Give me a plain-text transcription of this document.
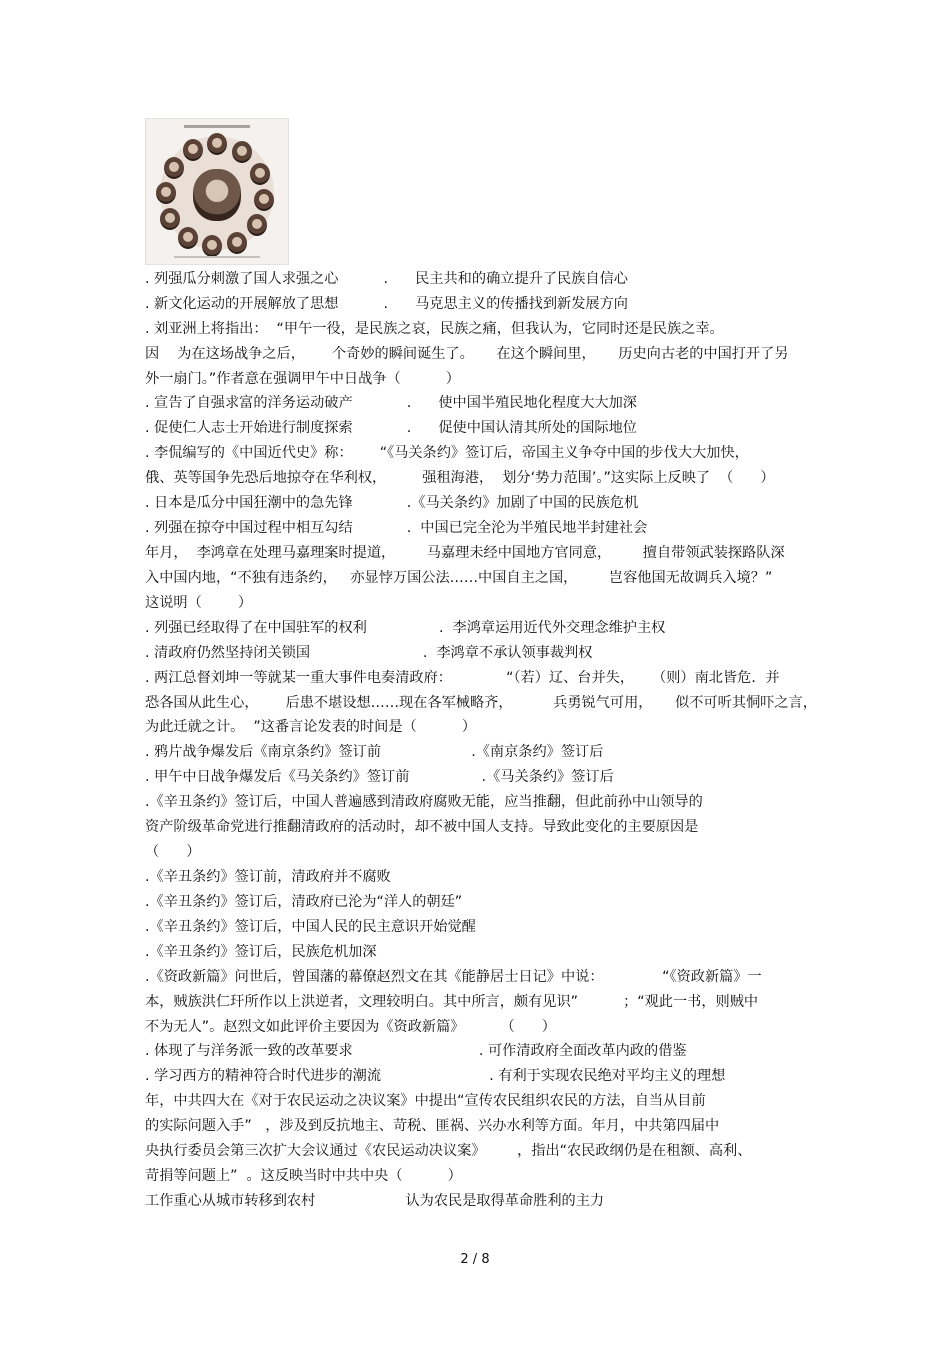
. 列强瓜分刺激了国人求强之心          .      民主共和的确立提升了民族自信心
. 新文化运动的开展解放了思想          .      马克思主义的传播找到新发展方向
. 刘亚洲上将指出：  “甲午一役，是民族之哀，民族之痛，但我认为，它同时还是民族之幸。
因    为在这场战争之后，      个奇妙的瞬间诞生了。     在这个瞬间里，     历史向古老的中国打开了另
外一扇门。”作者意在强调甲午中日战争（          ）
. 宣告了自强求富的洋务运动破产            .      使中国半殖民地化程度大大加深
. 促使仁人志士开始进行制度探索            .      促使中国认清其所处的国际地位
. 李侃编写的《中国近代史》称：      “《马关条约》签订后，帝国主义争夺中国的步伐大大加快，
俄、英等国争先恐后地掠夺在华利权，        强租海港，  划分‘势力范围’。”这实际上反映了  （      ）
. 日本是瓜分中国狂潮中的急先锋            .《马关条约》加剧了中国的民族危机
. 列强在掠夺中国过程中相互勾结            .  中国已完全沦为半殖民地半封建社会
年月，  李鸿章在处理马嘉理案时提道，       马嘉理未经中国地方官同意，       擅自带领武装探路队深
入中国内地，“不独有违条约，   亦显悖万国公法……中国自主之国，       岂容他国无故调兵入境？”
这说明（        ）
. 列强已经取得了在中国驻军的权利                .  李鸿章运用近代外交理念维护主权
. 清政府仍然坚持闭关锁国                         .  李鸿章不承认领事裁判权
. 两江总督刘坤一等就某一重大事件电奏清政府：            “（若）辽、台并失，    （则）南北皆危．并
恐各国从此生心，      后患不堪设想……现在各军械略齐，         兵勇锐气可用，     似不可听其恫吓之言，
为此迁就之计。  ”这番言论发表的时间是（          ）
. 鸦片战争爆发后《南京条约》签订前                    .《南京条约》签订后
. 甲午中日战争爆发后《马关条约》签订前                .《马关条约》签订后
.《辛丑条约》签订后，中国人普遍感到清政府腐败无能，应当推翻，但此前孙中山领导的
资产阶级革命党进行推翻清政府的活动时，却不被中国人支持。导致此变化的主要原因是
（      ）
.《辛丑条约》签订前，清政府并不腐败
.《辛丑条约》签订后，清政府已沦为“洋人的朝廷”
.《辛丑条约》签订后，中国人民的民主意识开始觉醒
.《辛丑条约》签订后，民族危机加深
.《资政新篇》问世后，曾国藩的幕僚赵烈文在其《能静居士日记》中说：             “《资政新篇》一
本，贼族洪仁玕所作以上洪逆者，文理较明白。其中所言，颇有见识”          ；“观此一书，则贼中
不为无人”。赵烈文如此评价主要因为《资政新篇》        （      ）
. 体现了与洋务派一致的改革要求                            . 可作清政府全面改革内政的借鉴
. 学习西方的精神符合时代进步的潮流                        . 有利于实现农民绝对平均主义的理想
年，中共四大在《对于农民运动之决议案》中提出“宣传农民组织农民的方法，自当从目前
的实际问题入手”   ，涉及到反抗地主、苛税、匪祸、兴办水利等方面。年月，中共第四届中
央执行委员会第三次扩大会议通过《农民运动决议案》       ，指出“农民政纲仍是在租额、高利、
苛捐等问题上”  。这反映当时中共中央（          ）
工作重心从城市转移到农村                    认为农民是取得革命胜利的主力
2 / 8
